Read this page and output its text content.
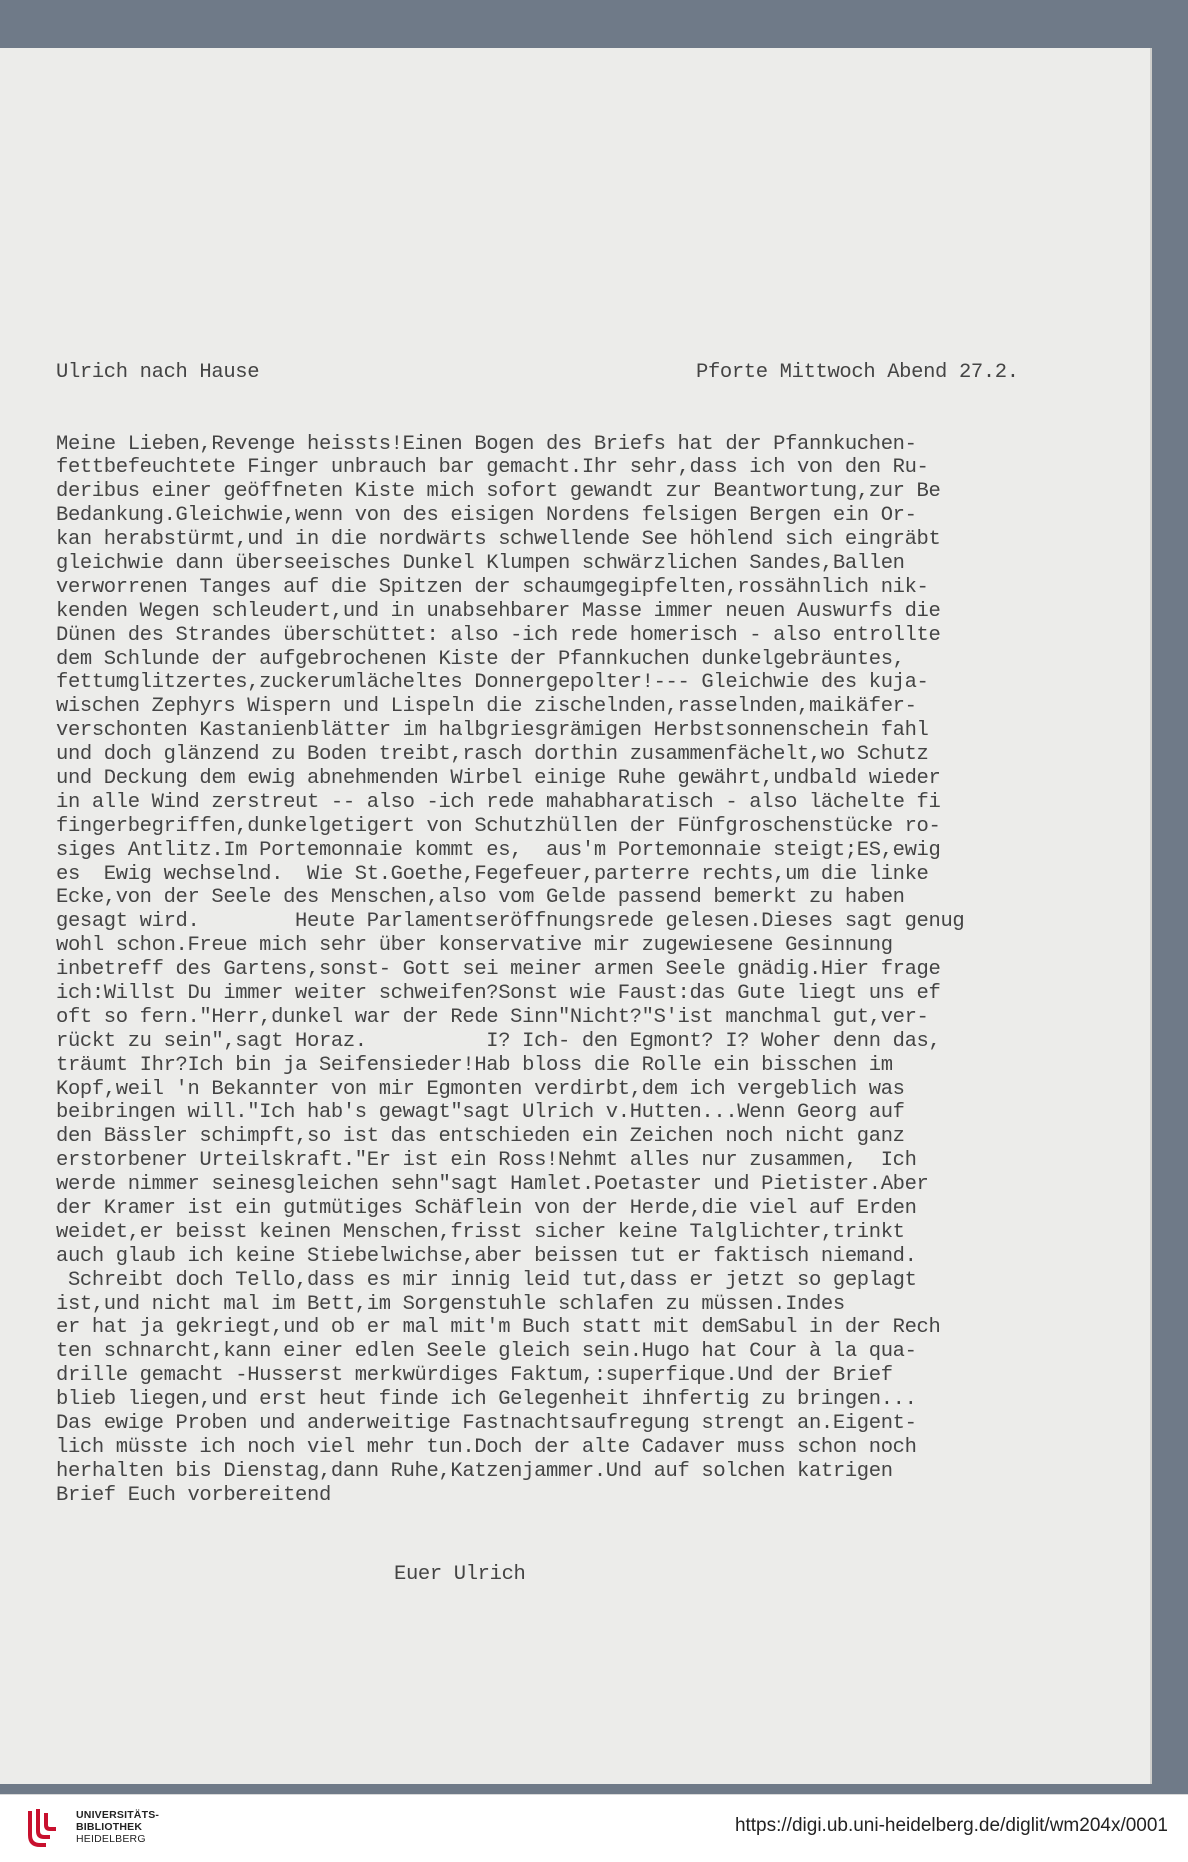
Ulrich nach Hause	Pforte Mittwoch Abend 27.2.

Meine Lieben,Revenge heissts!Einen Bogen des Briefs hat der Pfannkuchen-
fettbefeuchtete Finger unbrauch bar gemacht.Ihr sehr,dass ich von den Ru-
deribus einer geöffneten Kiste mich sofort gewandt zur Beantwortung,zur Be
Bedankung.Gleichwie,wenn von des eisigen Nordens felsigen Bergen ein Or-
kan herabstürmt,und in die nordwärts schwellende See höhlend sich eingräbt
gleichwie dann überseeisches Dunkel Klumpen schwärzlichen Sandes,Ballen
verworrenen Tanges auf die Spitzen der schaumgegipfelten,rossähnlich nik-
kenden Wegen schleudert,und in unabsehbarer Masse immer neuen Auswurfs die
Dünen des Strandes überschüttet: also -ich rede homerisch - also entrollte
dem Schlunde der aufgebrochenen Kiste der Pfannkuchen dunkelgebräuntes,
fettumglitzertes,zuckerumlächeltes Donnergepolter!--- Gleichwie des kuja-
wischen Zephyrs Wispern und Lispeln die zischelnden,rasselnden,maikäfer-
verschonten Kastanienblätter im halbgriesgrämigen Herbstsonnenschein fahl
und doch glänzend zu Boden treibt,rasch dorthin zusammenfächelt,wo Schutz
und Deckung dem ewig abnehmenden Wirbel einige Ruhe gewährt,undbald wieder
in alle Wind zerstreut -- also -ich rede mahabharatisch - also lächelte fi
fingerbegriffen,dunkelgetigert von Schutzhüllen der Fünfgroschenstücke ro-
siges Antlitz.Im Portemonnaie kommt es,  aus'm Portemonnaie steigt;ES,ewig
es  Ewig wechselnd.  Wie St.Goethe,Fegefeuer,parterre rechts,um die linke
Ecke,von der Seele des Menschen,also vom Gelde passend bemerkt zu haben
gesagt wird.        Heute Parlamentseröffnungsrede gelesen.Dieses sagt genug
wohl schon.Freue mich sehr über konservative mir zugewiesene Gesinnung
inbetreff des Gartens,sonst- Gott sei meiner armen Seele gnädig.Hier frage
ich:Willst Du immer weiter schweifen?Sonst wie Faust:das Gute liegt uns ef
oft so fern."Herr,dunkel war der Rede Sinn"Nicht?"S'ist manchmal gut,ver-
rückt zu sein",sagt Horaz.          I? Ich- den Egmont? I? Woher denn das,
träumt Ihr?Ich bin ja Seifensieder!Hab bloss die Rolle ein bisschen im
Kopf,weil 'n Bekannter von mir Egmonten verdirbt,dem ich vergeblich was
beibringen will."Ich hab's gewagt"sagt Ulrich v.Hutten...Wenn Georg auf
den Bässler schimpft,so ist das entschieden ein Zeichen noch nicht ganz
erstorbener Urteilskraft."Er ist ein Ross!Nehmt alles nur zusammen,  Ich
werde nimmer seinesgleichen sehn"sagt Hamlet.Poetaster und Pietister.Aber
der Kramer ist ein gutmütiges Schäflein von der Herde,die viel auf Erden
weidet,er beisst keinen Menschen,frisst sicher keine Talglichter,trinkt
auch glaub ich keine Stiebelwichse,aber beissen tut er faktisch niemand.
Schreibt doch Tello,dass es mir innig leid tut,dass er jetzt so geplagt
ist,und nicht mal im Bett,im Sorgenstuhle schlafen zu müssen.Indes
er hat ja gekriegt,und ob er mal mit'm Buch statt mit demSabul in der Rech
ten schnarcht,kann einer edlen Seele gleich sein.Hugo hat Cour à la qua-
drille gemacht -Husserst merkwürdiges Faktum,:superfique.Und der Brief
blieb liegen,und erst heut finde ich Gelegenheit ihnfertig zu bringen...
Das ewige Proben und anderweitige Fastnachtsaufregung strengt an.Eigent-
lich müsste ich noch viel mehr tun.Doch der alte Cadaver muss schon noch
herhalten bis Dienstag,dann Ruhe,Katzenjammer.Und auf solchen katrigen
Brief Euch vorbereitend

Euer Ulrich

UNIVERSITÄTS-
BIBLIOTHEK
HEIDELBERG
https://digi.ub.uni-heidelberg.de/diglit/wm204x/0001
